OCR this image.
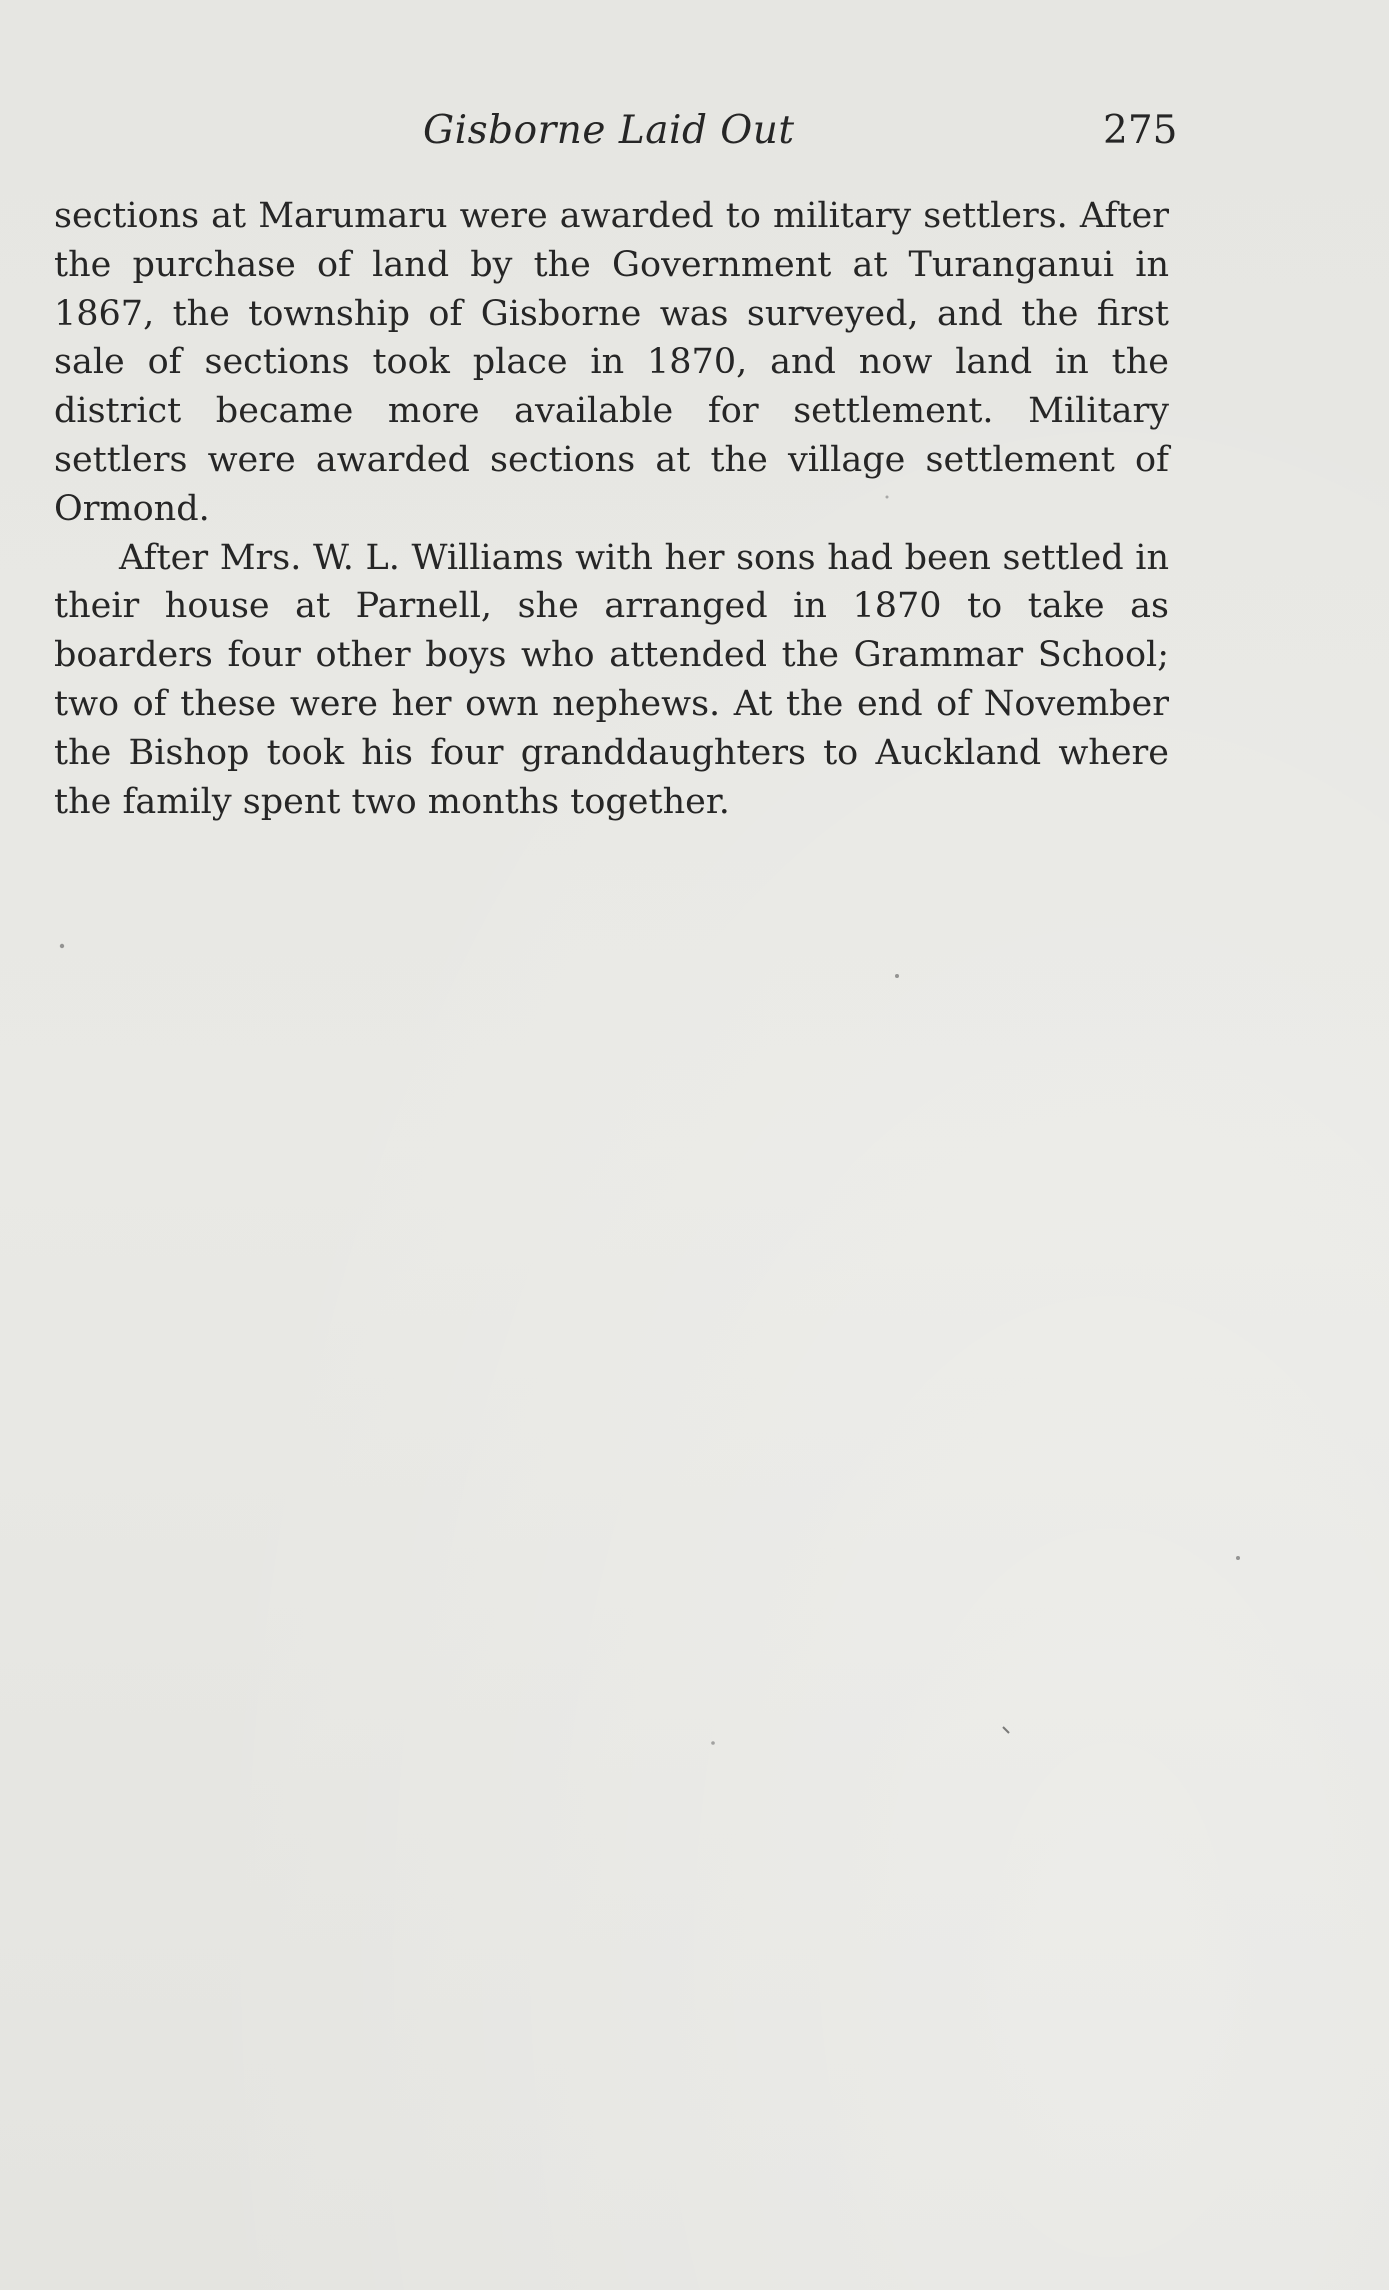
Gisborne Laid Out	275

sections at Marumaru were awarded to military settlers. After the purchase of land by the Government at Turanganui in 1867, the township of Gisborne was surveyed, and the first sale of sections took place in 1870, and now land in the district became more available for settlement. Military settlers were awarded sections at the village settlement of Ormond.

After Mrs. W. L. Williams with her sons had been settled in their house at Parnell, she arranged in 1870 to take as boarders four other boys who attended the Grammar School; two of these were her own nephews. At the end of November the Bishop took his four granddaughters to Auckland where the family spent two months together.
